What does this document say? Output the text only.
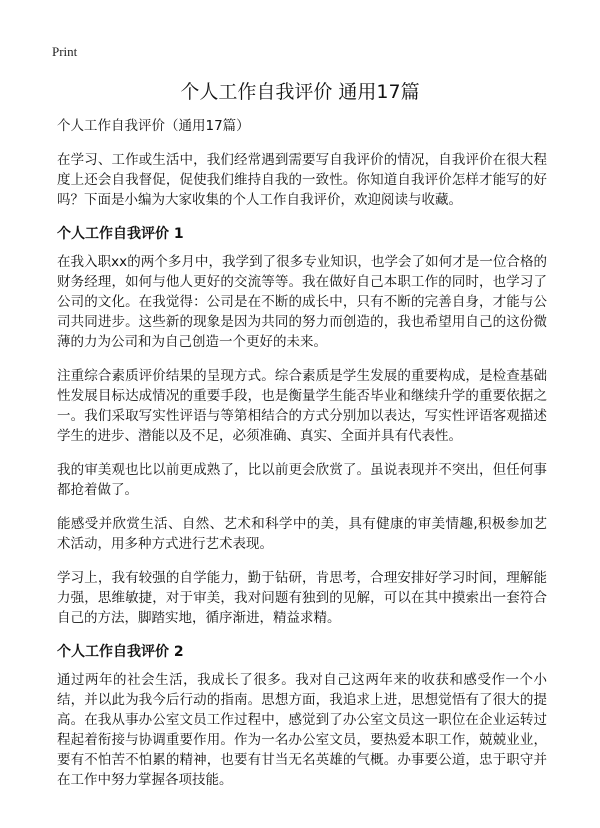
Print
个人工作自我评价 通用17篇

个人工作自我评价（通用17篇）

在学习、工作或生活中，我们经常遇到需要写自我评价的情况，自我评价在很大程度上还会自我督促，促使我们维持自我的一致性。你知道自我评价怎样才能写的好吗？下面是小编为大家收集的个人工作自我评价，欢迎阅读与收藏。

个人工作自我评价 1

在我入职xx的两个多月中，我学到了很多专业知识，也学会了如何才是一位合格的财务经理，如何与他人更好的交流等等。我在做好自己本职工作的同时，也学习了公司的文化。在我觉得：公司是在不断的成长中，只有不断的完善自身，才能与公司共同进步。这些新的现象是因为共同的努力而创造的，我也希望用自己的这份微薄的力为公司和为自己创造一个更好的未来。

注重综合素质评价结果的呈现方式。综合素质是学生发展的重要构成，是检查基础性发展目标达成情况的重要手段，也是衡量学生能否毕业和继续升学的重要依据之一。我们采取写实性评语与等第相结合的方式分别加以表达，写实性评语客观描述学生的进步、潜能以及不足，必须准确、真实、全面并具有代表性。

我的审美观也比以前更成熟了，比以前更会欣赏了。虽说表现并不突出，但任何事都抢着做了。

能感受并欣赏生活、自然、艺术和科学中的美，具有健康的审美情趣,积极参加艺术活动，用多种方式进行艺术表现。

学习上，我有较强的自学能力，勤于钻研，肯思考，合理安排好学习时间，理解能力强，思维敏捷，对于审美，我对问题有独到的见解，可以在其中摸索出一套符合自己的方法，脚踏实地，循序渐进，精益求精。

个人工作自我评价 2

通过两年的社会生活，我成长了很多。我对自己这两年来的收获和感受作一个小结，并以此为我今后行动的指南。思想方面，我追求上进，思想觉悟有了很大的提高。在我从事办公室文员工作过程中，感觉到了办公室文员这一职位在企业运转过程起着衔接与协调重要作用。作为一名办公室文员，要热爱本职工作，兢兢业业，要有不怕苦不怕累的精神，也要有甘当无名英雄的气概。办事要公道，忠于职守并在工作中努力掌握各项技能。
